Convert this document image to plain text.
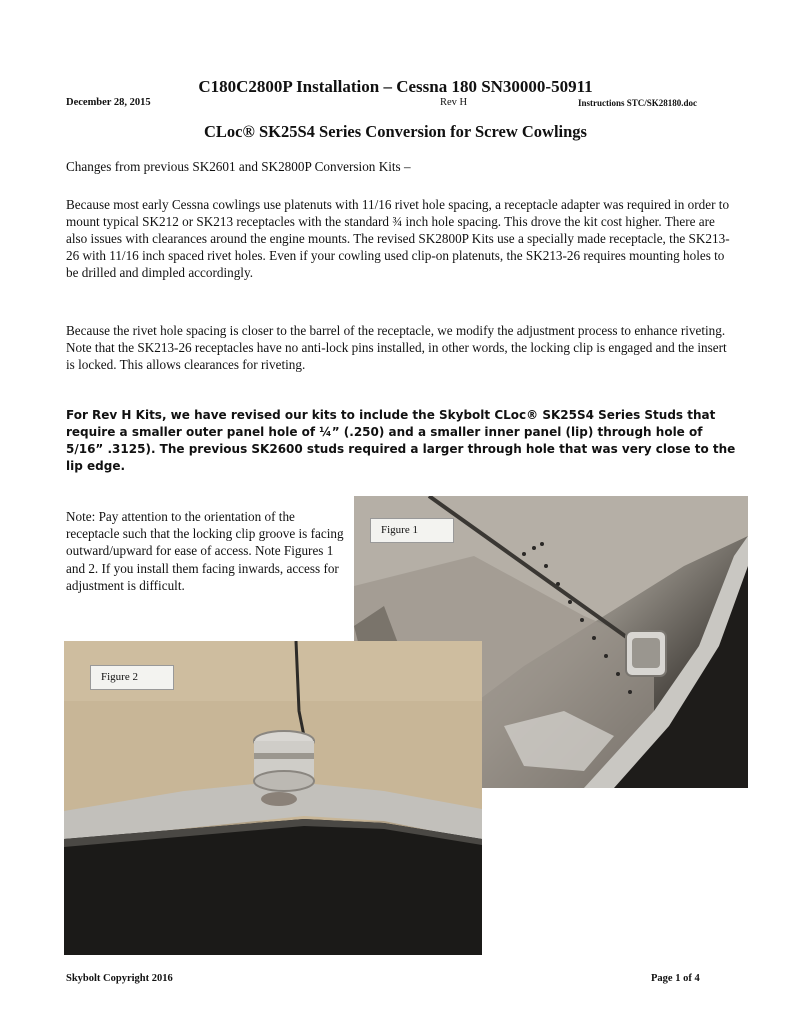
C180C2800P Installation – Cessna 180 SN30000-50911
December 28, 2015	Rev H	Instructions STC/SK28180.doc
CLoc® SK25S4 Series Conversion for Screw Cowlings

Changes from previous SK2601 and SK2800P Conversion Kits –

Because most early Cessna cowlings use platenuts with 11/16 rivet hole spacing, a receptacle adapter was required in order to mount typical SK212 or SK213 receptacles with the standard ¾ inch hole spacing. This drove the kit cost higher. There are also issues with clearances around the engine mounts. The revised SK2800P Kits use a specially made receptacle, the SK213-26 with 11/16 inch spaced rivet holes. Even if your cowling used clip-on platenuts, the SK213-26 requires mounting holes to be drilled and dimpled accordingly.

Because the rivet hole spacing is closer to the barrel of the receptacle, we modify the adjustment process to enhance riveting. Note that the SK213-26 receptacles have no anti-lock pins installed, in other words, the locking clip is engaged and the insert is locked. This allows clearances for riveting.

For Rev H Kits, we have revised our kits to include the Skybolt CLoc® SK25S4 Series Studs that require a smaller outer panel hole of ¼” (.250) and a smaller inner panel (lip) through hole of 5/16” .3125). The previous SK2600 studs required a larger through hole that was very close to the lip edge.

Note: Pay attention to the orientation of the receptacle such that the locking clip groove is facing outward/upward for ease of access. Note Figures 1 and 2. If you install them facing inwards, access for adjustment is difficult.

Figure 1
Figure 2
Skybolt Copyright 2016	Page 1 of 4
